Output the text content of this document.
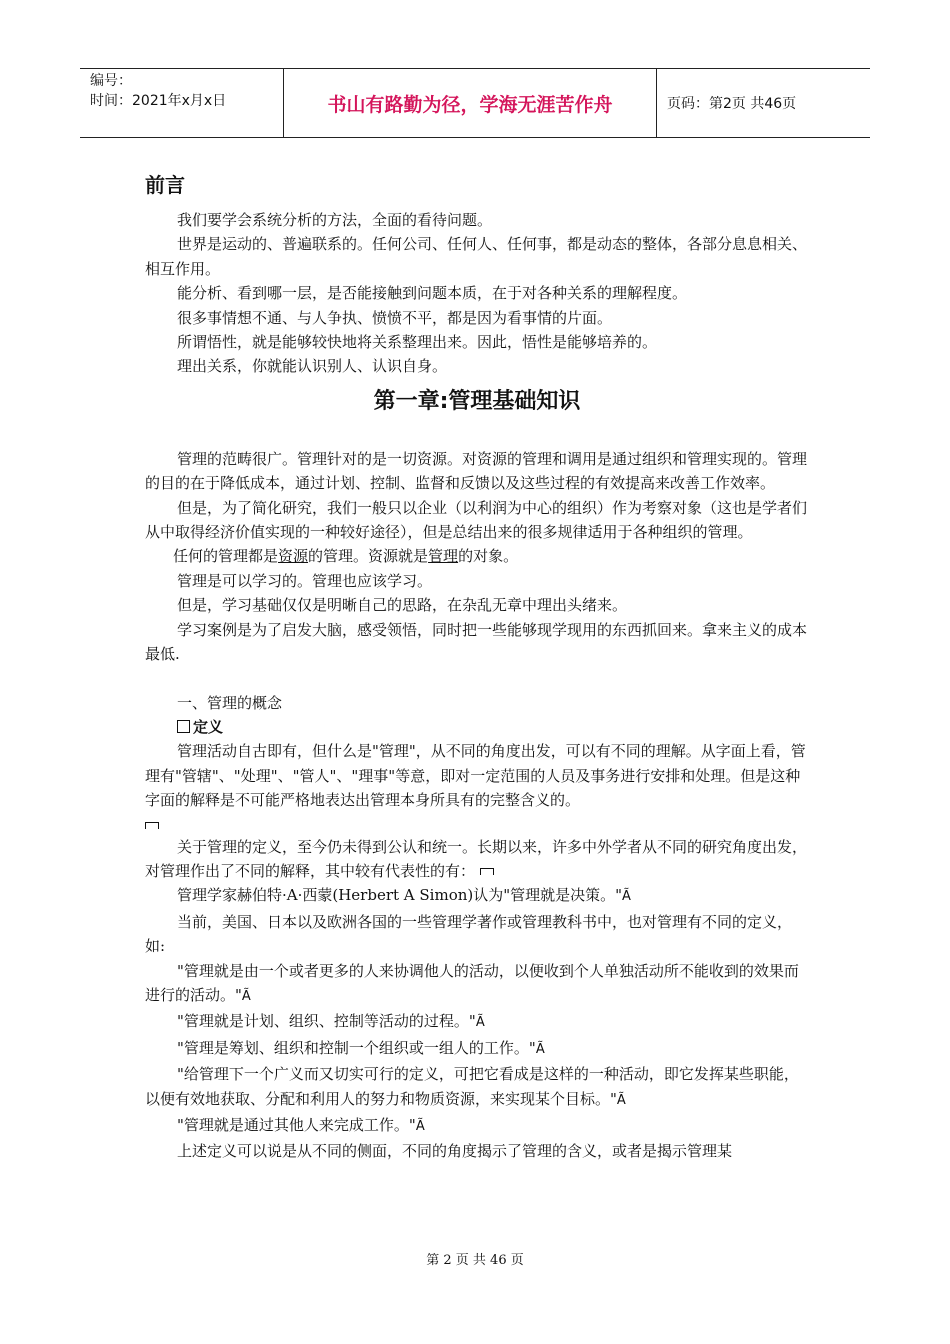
编号：
时间：2021年x月x日	书山有路勤为径，学海无涯苦作舟	页码：第2页 共46页
前言

我们要学会系统分析的方法，全面的看待问题。

世界是运动的、普遍联系的。任何公司、任何人、任何事，都是动态的整体，各部分息息相关、相互作用。

能分析、看到哪一层，是否能接触到问题本质，在于对各种关系的理解程度。

很多事情想不通、与人争执、愤愤不平，都是因为看事情的片面。

所谓悟性，就是能够较快地将关系整理出来。因此，悟性是能够培养的。

理出关系，你就能认识别人、认识自身。

第一章:管理基础知识

管理的范畴很广。管理针对的是一切资源。对资源的管理和调用是通过组织和管理实现的。管理的目的在于降低成本，通过计划、控制、监督和反馈以及这些过程的有效提高来改善工作效率。

但是，为了简化研究，我们一般只以企业（以利润为中心的组织）作为考察对象（这也是学者们从中取得经济价值实现的一种较好途径），但是总结出来的很多规律适用于各种组织的管理。

任何的管理都是资源的管理。资源就是管理的对象。

管理是可以学习的。管理也应该学习。

但是，学习基础仅仅是明晰自己的思路，在杂乱无章中理出头绪来。

学习案例是为了启发大脑，感受领悟，同时把一些能够现学现用的东西抓回来。拿来主义的成本最低.

一、管理的概念

定义

管理活动自古即有，但什么是"管理"，从不同的角度出发，可以有不同的理解。从字面上看，管理有"管辖"、"处理"、"管人"、"理事"等意，即对一定范围的人员及事务进行安排和处理。但是这种字面的解释是不可能严格地表达出管理本身所具有的完整含义的。

关于管理的定义，至今仍未得到公认和统一。长期以来，许多中外学者从不同的研究角度出发，对管理作出了不同的解释，其中较有代表性的有：

管理学家赫伯特·A·西蒙(Herbert A Simon)认为"管理就是决策。"Ã

当前，美国、日本以及欧洲各国的一些管理学著作或管理教科书中，也对管理有不同的定义，如:

"管理就是由一个或者更多的人来协调他人的活动，以便收到个人单独活动所不能收到的效果而进行的活动。"Ã

"管理就是计划、组织、控制等活动的过程。"Ã

"管理是筹划、组织和控制一个组织或一组人的工作。"Ã

"给管理下一个广义而又切实可行的定义，可把它看成是这样的一种活动，即它发挥某些职能，以便有效地获取、分配和利用人的努力和物质资源，来实现某个目标。"Ã

"管理就是通过其他人来完成工作。"Ã

上述定义可以说是从不同的侧面，不同的角度揭示了管理的含义，或者是揭示管理某

第 2 页 共 46 页
